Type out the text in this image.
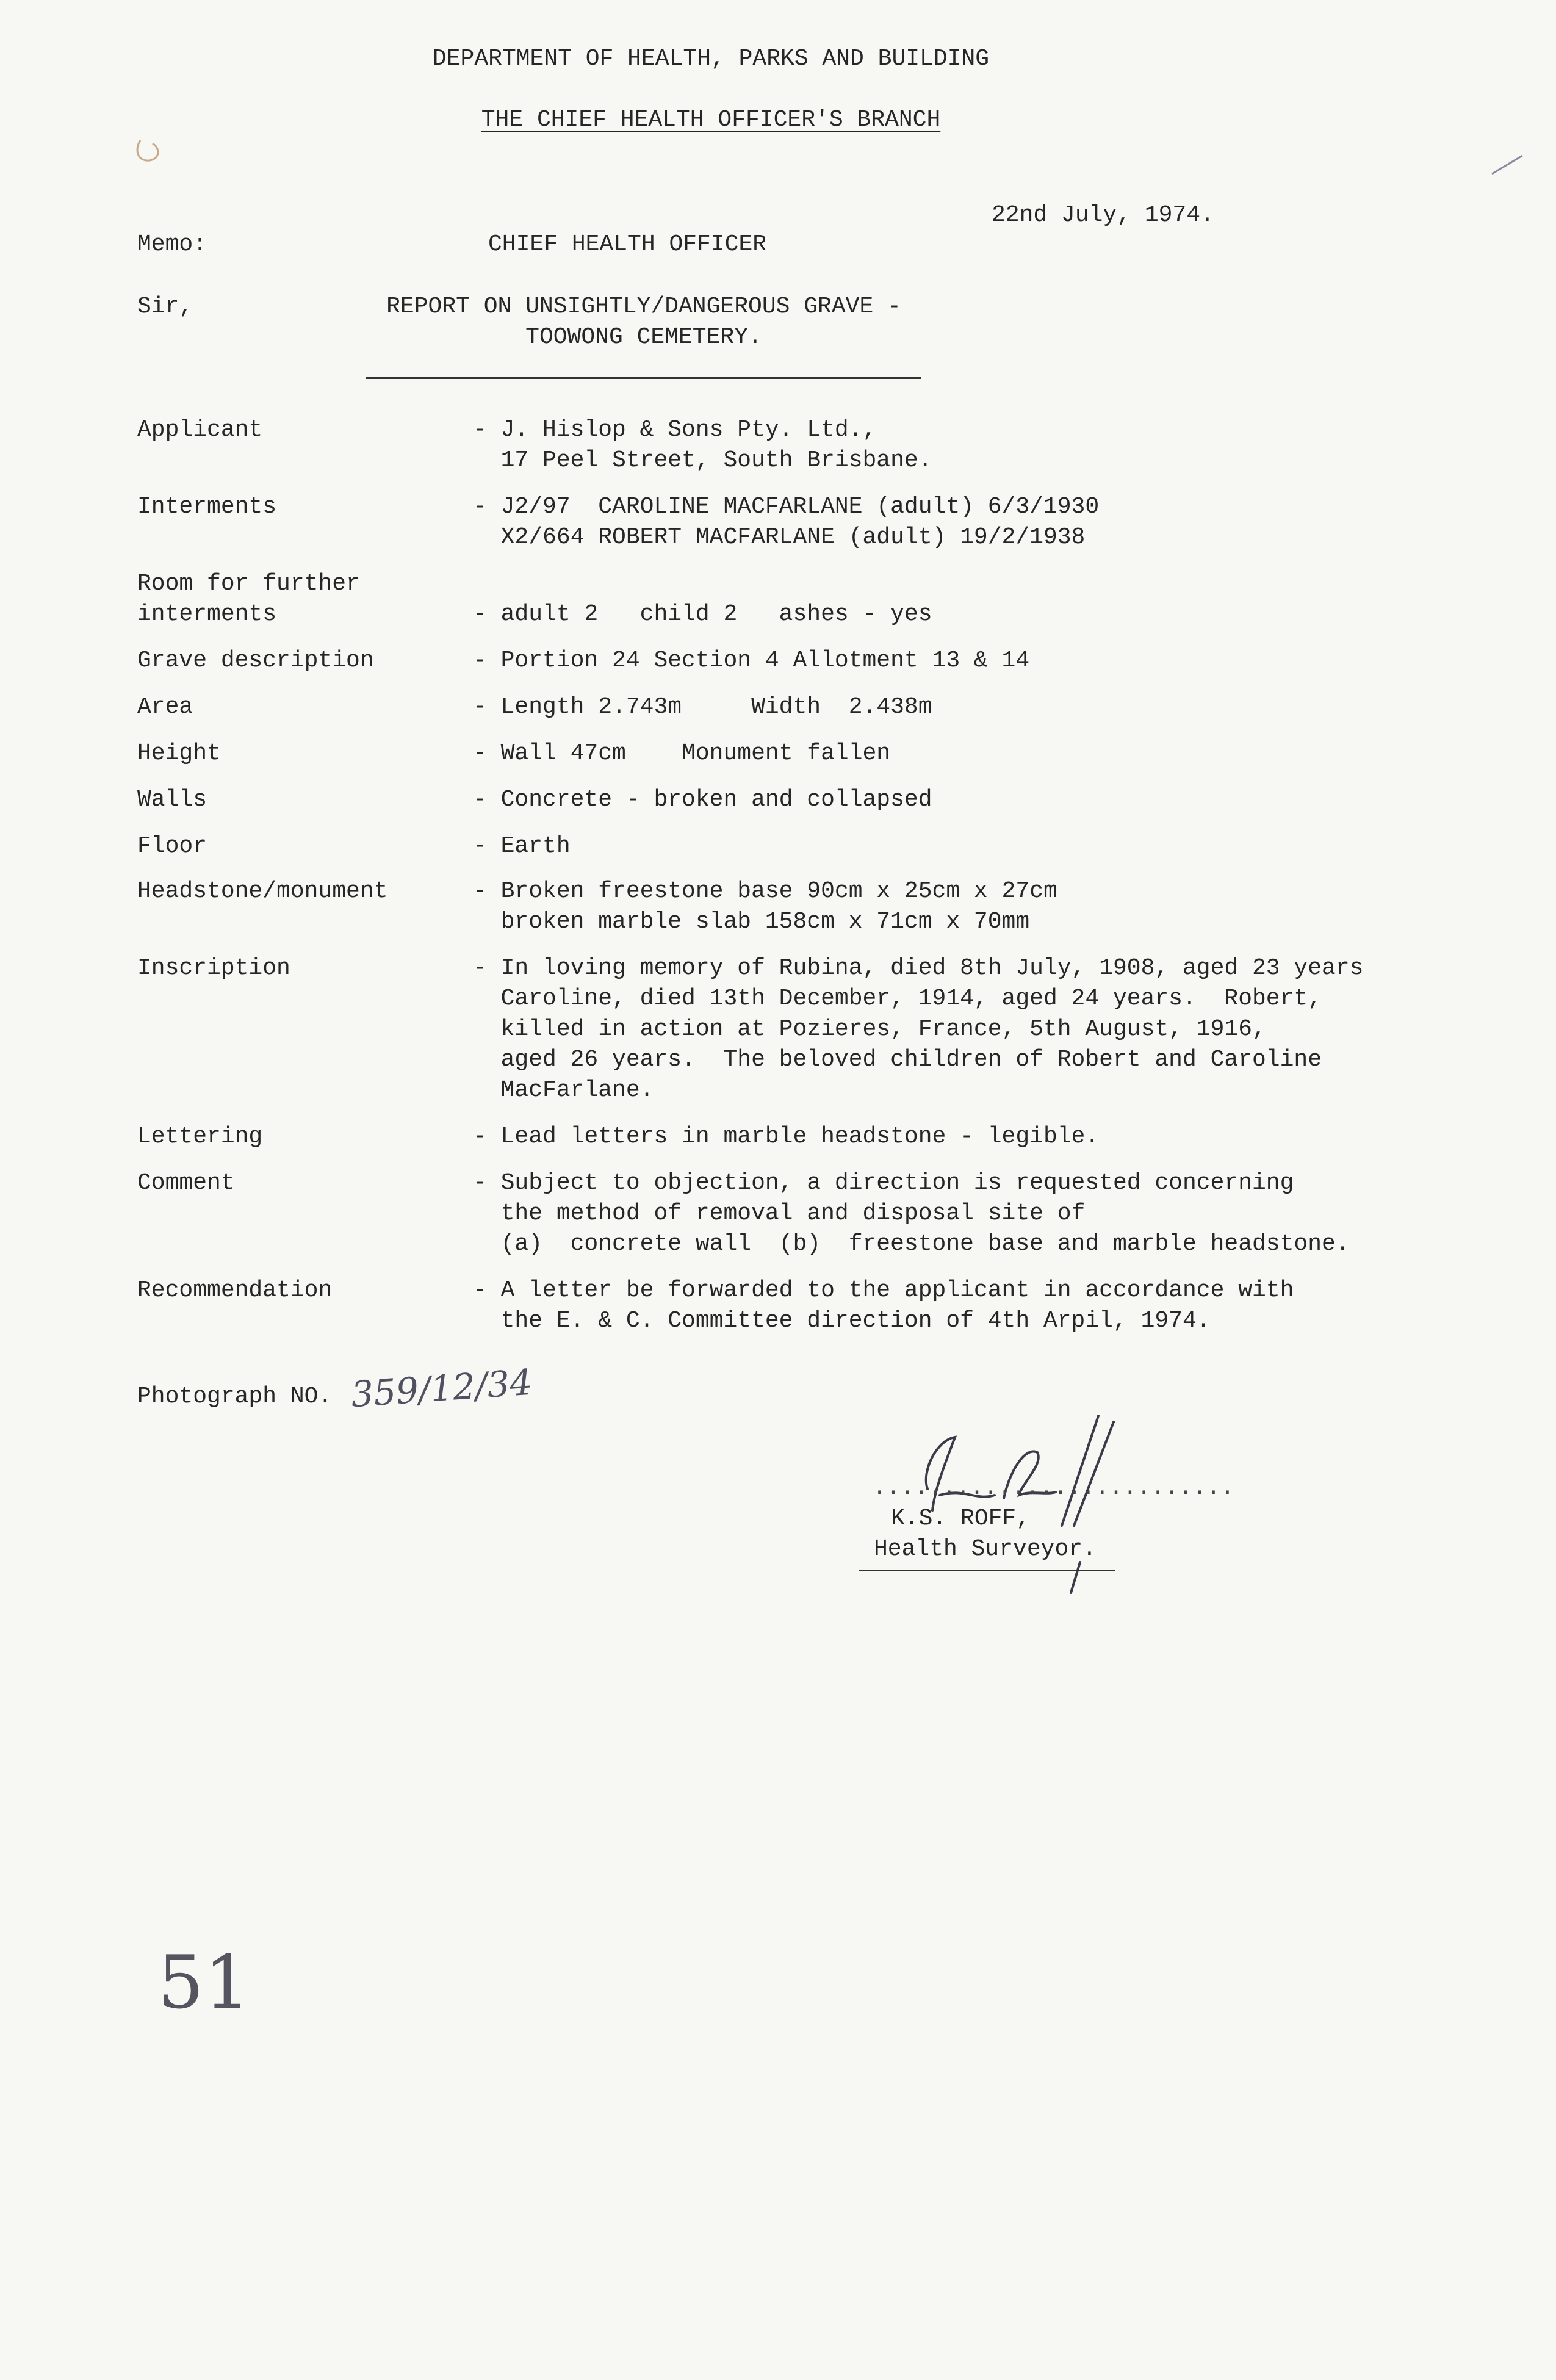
DEPARTMENT OF HEALTH, PARKS AND BUILDING
THE CHIEF HEALTH OFFICER'S BRANCH
22nd July, 1974.
Memo:	CHIEF HEALTH OFFICER
Sir,	REPORT ON UNSIGHTLY/DANGEROUS GRAVE -
TOOWONG CEMETERY.
Applicant	- J. Hislop & Sons Pty. Ltd.,
17 Peel Street, South Brisbane.
Interments	- J2/97  CAROLINE MACFARLANE (adult) 6/3/1930
X2/664 ROBERT MACFARLANE (adult) 19/2/1938
Room for further
interments	- adult 2   child 2   ashes - yes
Grave description	- Portion 24 Section 4 Allotment 13 & 14
Area	- Length 2.743m     Width  2.438m
Height	- Wall 47cm    Monument fallen
Walls	- Concrete - broken and collapsed
Floor	- Earth
Headstone/monument	- Broken freestone base 90cm x 25cm x 27cm
broken marble slab 158cm x 71cm x 70mm
Inscription	- In loving memory of Rubina, died 8th July, 1908, aged 23 years
Caroline, died 13th December, 1914, aged 24 years.  Robert,
killed in action at Pozieres, France, 5th August, 1916,
aged 26 years.  The beloved children of Robert and Caroline
MacFarlane.
Lettering	- Lead letters in marble headstone - legible.
Comment	- Subject to objection, a direction is requested concerning
the method of removal and disposal site of
(a)  concrete wall  (b)  freestone base and marble headstone.
Recommendation	- A letter be forwarded to the applicant in accordance with
the E. & C. Committee direction of 4th Arpil, 1974.
Photograph NO. 359/12/34
..........................
K.S. ROFF,
Health Surveyor.
51
